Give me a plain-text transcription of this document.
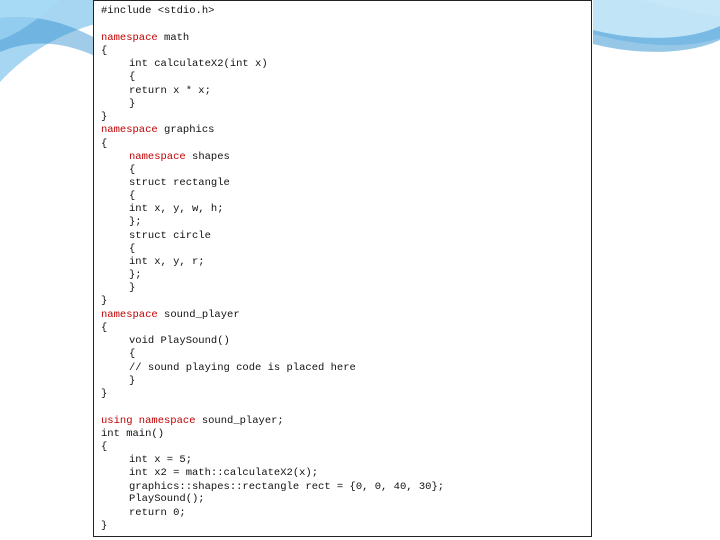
#include <stdio.h>
namespace math
{
int calculateX2(int x)
{
return x * x;
}
}
namespace graphics
{
namespace shapes
{
struct rectangle
{
int x, y, w, h;
};
struct circle
{
int x, y, r;
};
}
}
namespace sound_player
{
void PlaySound()
{
// sound playing code is placed here
}
}
using namespace sound_player;
int main()
{
int x = 5;
int x2 = math::calculateX2(x);
graphics::shapes::rectangle rect = {0, 0, 40, 30};
PlaySound();
return 0;
}
